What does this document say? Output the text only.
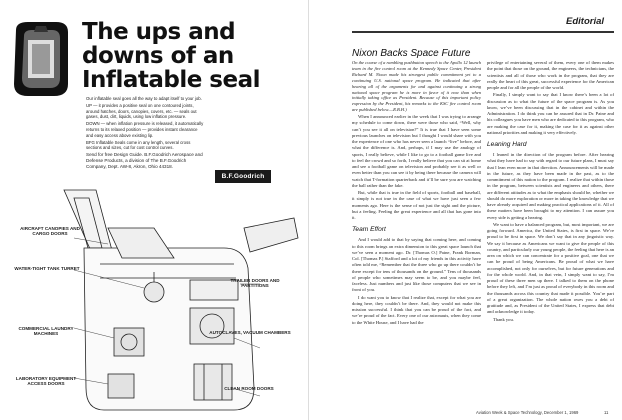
The ups and
downs of an
Inflatable seal

Our inflatable seal goes all the way to adapt itself to your job.

UP — it provides a positive seal on one contoured joints, around hatches, doors, canopies, covers, etc. — seals out gases, dust, dirt, liquids, using low inflation pressure.

DOWN — when inflation pressure is released, it automatically returns to its relaxed position — provides instant clearance and easy access above existing lip.

BFG Inflatable Seals come in any length, several cross sections and sizes, cut for cost control curves.

Send for free Design Guide. B.F.Goodrich Aerospace and Defense Products, a division of The B.F.Goodrich Company, Dept. AW-8, Akron, Ohio 44318.

B.F.Goodrich
AIRCRAFT CANOPIES AND
CARGO DOORS
WATER-TIGHT TANK TURRET
COMMERCIAL LAUNDRY MACHINES
LABORATORY EQUIPMENT
ACCESS DOORS
TRAILER DOORS AND
PARTITIONS
AUTOCLAVES, VACUUM CHAMBERS
CLEAN ROOM DOORS
Editorial
Nixon Backs Space Future

On the course of a rambling pushbutton speech to the Apollo 12 launch team in the fire control room at the Kennedy Space Center, President Richard M. Nixon made his strongest public commitment yet to a continuing U.S. national space program. He indicated that after hearing all of the arguments for and against continuing a strong national space program he is more in favor of it now than when initially taking office as President. Because of this important policy expression by the President, his remarks to the KSC fire control room are published below.—R.B.H.)

When I announced earlier in the week that I was trying to arrange my schedule to come down, there were those who said, “Well, why can’t you see it all on television?” It is true that I have seen some previous launches on television but I thought I would share with you the experience of one who has never seen a launch “live” before, and what the difference is. And, perhaps, if I may use the analogy of sports, I really believe, while I like to go to a football game live and to feel the crowd and so forth, I really believe that you can sit at home and see a football game on television and probably see it as well or even better than you can see it by being there because the camera will watch that T-formation quarterback and it’ll be sure you are watching the ball rather than the fake.

But, while that is true in the field of sports, football and baseball, it simply is not true in the case of what we have just seen a few moments ago. Here is the sense of not just the sight and the picture, but a feeling. Feeling the great experience and all that has gone into it.

Team Effort

And I would add to that by saying that coming here, and coming to this room brings an extra dimension to this great space launch that we’ve seen a moment ago. Dr. [Thomas O.] Paine, Frank Borman, Col. [Thomas P.] Stafford and a lot of my friends in this activity have often told me, “Remember that the three who go up there couldn’t be there except for tens of thousands on the ground.” Tens of thousands of people who sometimes may seem to be, and you maybe feel, faceless. Just numbers and just like those computers that we see in front of you.

I do want you to know that I realize that, except for what you are doing here, they couldn’t be there. And, they would not make this mission successful. I think that you can be proud of the fact, and we’re proud of the fact. Every one of our astronauts, when they come to the White House, and I have had the

privilege of entertaining several of them, every one of them makes the point that those on the ground, the engineers, the technicians, the scientists and all of those who work in the program, that they are really the heart of this great, successful experience for the American people and for all the people of the world.

Finally, I simply want to say that I know there’s been a lot of discussion as to what the future of the space program is. As you know, we’ve been discussing that in the cabinet and within the Administration. I do think you can be assured that in Dr. Paine and his colleagues you have men who are dedicated to this program, who are making the case for it, making the case for it as against other national priorities and making it very effectively.

Leaning Hard

I leaned in the direction of the program before. After hearing what they have had to say with regard to our future plans, I must say that I lean even more in that direction. Announcements will be made in the future, as they have been made in the past, as to the commitment of this nation to the program. I realize that within those in the program, between scientists and engineers and others, there are different attitudes as to what the emphasis should be, whether we should do more exploration or more in taking the knowledge that we have already acquired and making practical applications of it. All of these matters have been brought to my attention. I can assure you every side is getting a hearing.

We want to have a balanced program, but, most important, we are going forward. America, the United States, is first in space. We’re proud to be first in space. We don’t say that in any jingoistic way. We say it because as Americans we want to give the people of this country, and particularly our young people, the feeling that here is an area on which we can concentrate for a positive goal, one that we can be proud of being Americans. Be proud of what we have accomplished, not only for ourselves, but for future generations and for the whole world. And, in that vein, I simply want to say, I’m proud of these three men up there. I talked to them on the phone before they left, and I’m just as proud of everybody in this room and the thousands across this country that made it possible. You’re part of a great organization. The whole nation owes you a debt of gratitude and, as President of the United States, I express that debt and acknowledge it today.

Thank you.

Aviation Week & Space Technology, December 1, 1969	11
